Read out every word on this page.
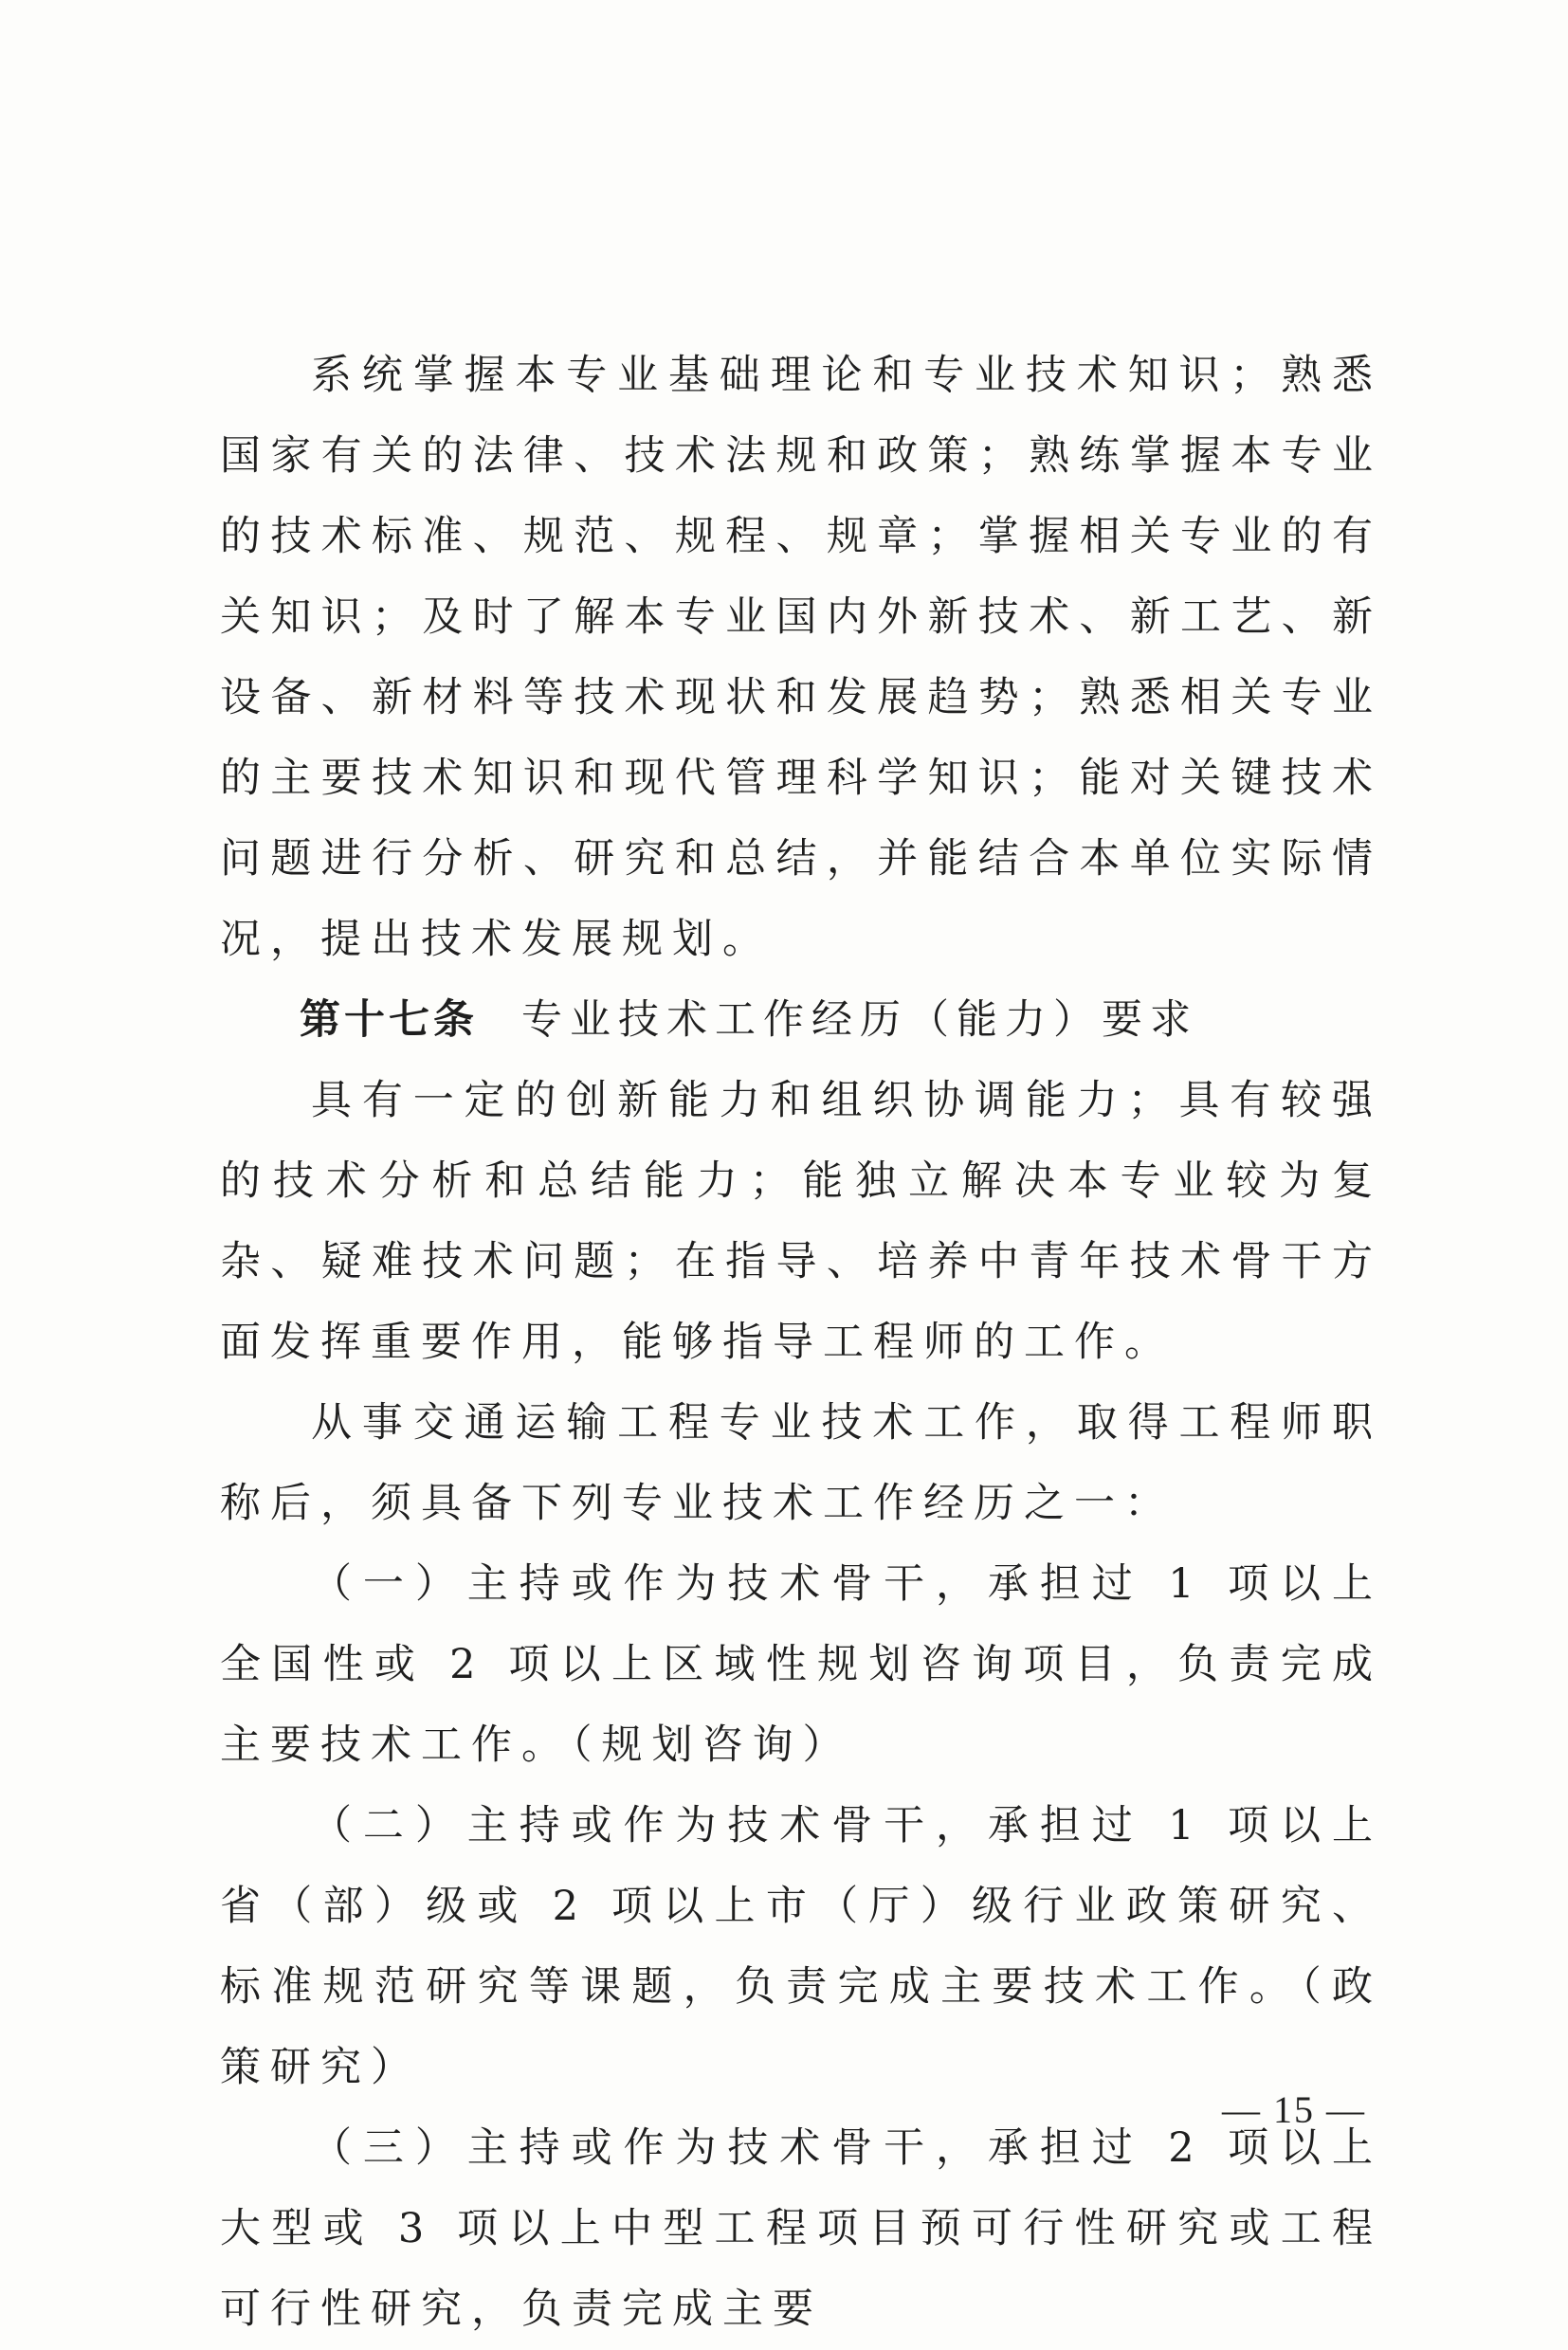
系统掌握本专业基础理论和专业技术知识；熟悉国家有关的法律、技术法规和政策；熟练掌握本专业的技术标准、规范、规程、规章；掌握相关专业的有关知识；及时了解本专业国内外新技术、新工艺、新设备、新材料等技术现状和发展趋势；熟悉相关专业的主要技术知识和现代管理科学知识；能对关键技术问题进行分析、研究和总结，并能结合本单位实际情况，提出技术发展规划。

第十七条 专业技术工作经历（能力）要求

具有一定的创新能力和组织协调能力；具有较强的技术分析和总结能力；能独立解决本专业较为复杂、疑难技术问题；在指导、培养中青年技术骨干方面发挥重要作用，能够指导工程师的工作。

从事交通运输工程专业技术工作，取得工程师职称后，须具备下列专业技术工作经历之一：

（一）主持或作为技术骨干，承担过 1 项以上全国性或 2 项以上区域性规划咨询项目，负责完成主要技术工作。（规划咨询）

（二）主持或作为技术骨干，承担过 1 项以上省（部）级或 2 项以上市（厅）级行业政策研究、标准规范研究等课题，负责完成主要技术工作。（政策研究）

（三）主持或作为技术骨干，承担过 2 项以上大型或 3 项以上中型工程项目预可行性研究或工程可行性研究，负责完成主要

— 15 —
